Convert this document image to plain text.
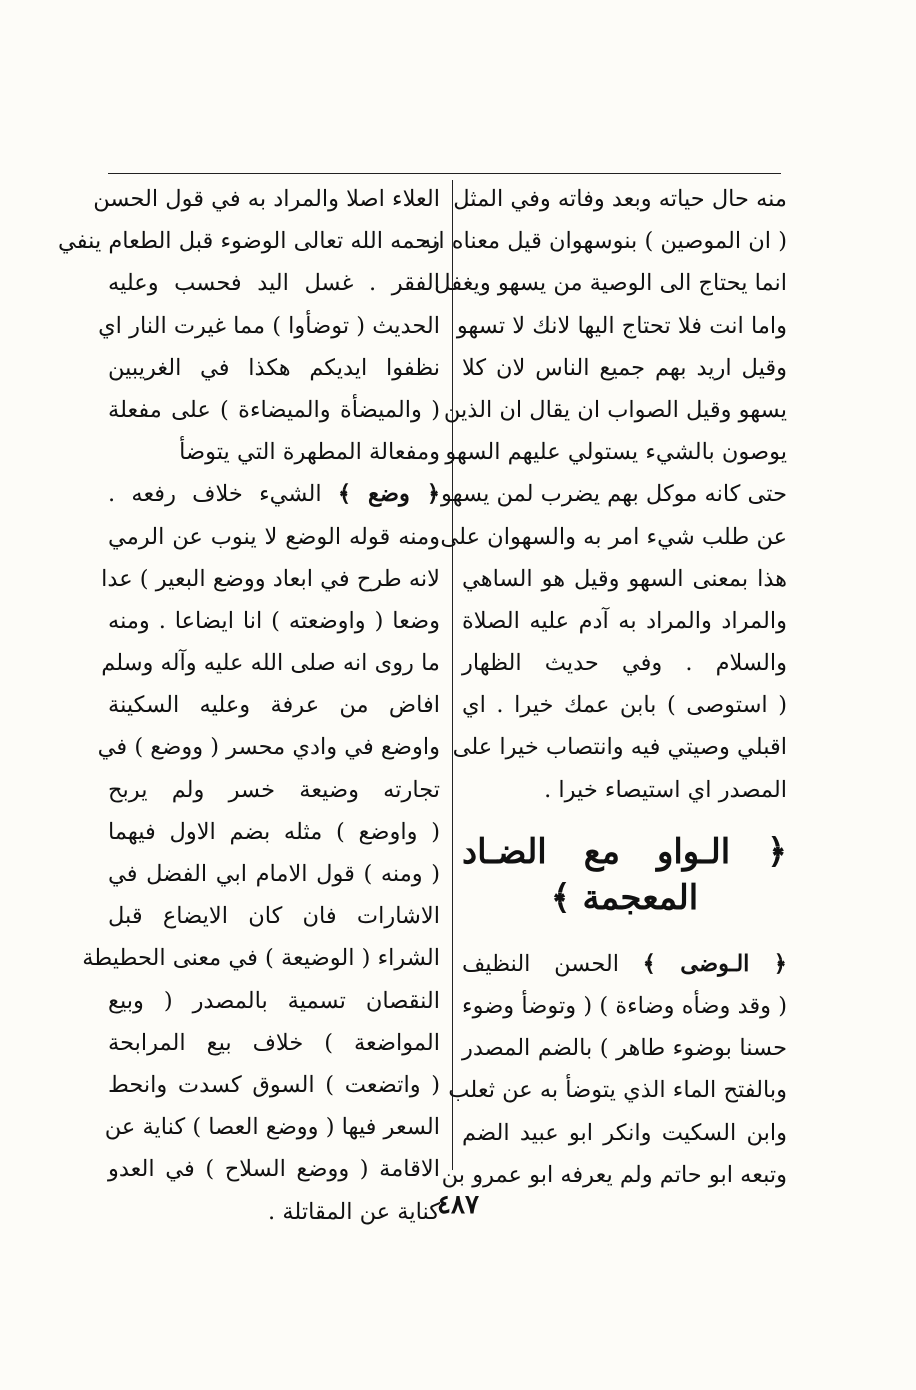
منه حال حياته وبعد وفاته وفي المثل
( ان الموصين ) بنوسهوان قيل معناه انه
انما يحتاج الى الوصية من يسهو ويغفل
واما انت فلا تحتاج اليها لانك لا تسهو
وقيل اريد بهم جميع الناس لان كلا
يسهو وقيل الصواب ان يقال ان الذين
يوصون بالشيء يستولي عليهم السهو
حتى كانه موكل بهم يضرب لمن يسهو
عن طلب شيء امر به والسهوان على
هذا بمعنى السهو وقيل هو الساهي
والمراد والمراد به آدم عليه الصلاة
والسلام . وفي حديث الظهار
( استوصى ) بابن عمك خيرا . اي
اقبلي وصيتي فيه وانتصاب خيرا على
المصدر اي استيصاء خيرا .
﴿ الـواو مع الضـاد
المعجمة ﴾
﴿ الـوضى ﴾ الحسن النظيف
( وقد وضأه وضاءة ) ( وتوضأ وضوء
حسنا بوضوء طاهر ) بالضم المصدر
وبالفتح الماء الذي يتوضأ به عن ثعلب
وابن السكيت وانكر ابو عبيد الضم
وتبعه ابو حاتم ولم يعرفه ابو عمرو بن
العلاء اصلا والمراد به في قول الحسن
رحمه الله تعالى الوضوء قبل الطعام ينفي
الفقر . غسل اليد فحسب وعليه
الحديث ( توضأوا ) مما غيرت النار اي
نظفوا ايديكم هكذا في الغريبين
( والميضأة والميضاءة ) على مفعلة
ومفعالة المطهرة التي يتوضأ
﴿ وضع ﴾ الشيء خلاف رفعه .
ومنه قوله الوضع لا ينوب عن الرمي
لانه طرح في ابعاد ووضع البعير ) عدا
وضعا ( واوضعته ) انا ايضاعا . ومنه
ما روى انه صلى الله عليه وآله وسلم
افاض من عرفة وعليه السكينة
واوضع في وادي محسر ( ووضع ) في
تجارته وضيعة خسر ولم يربح
( واوضع ) مثله بضم الاول فيهما
( ومنه ) قول الامام ابي الفضل في
الاشارات فان كان الايضاع قبل
الشراء ( الوضيعة ) في معنى الحطيطة
النقصان تسمية بالمصدر ( وبيع
المواضعة ) خلاف بيع المرابحة
( واتضعت ) السوق كسدت وانحط
السعر فيها ( ووضع العصا ) كناية عن
الاقامة ( ووضع السلاح ) في العدو
كناية عن المقاتلة .
٤٨٧
